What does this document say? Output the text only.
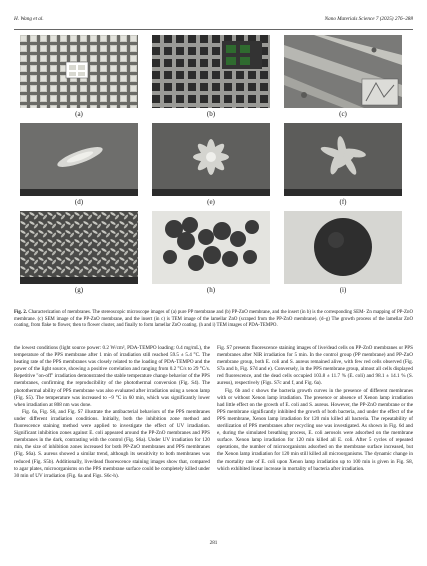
H. Wang et al.	Nano Materials Science 7 (2025) 276–288
(a)	(b)	(c)
(d)	(e)	(f)
(g)	(h)	(i)
Fig. 2. Characterization of membranes. The stereoscopic microscope images of (a) pure PP membrane and (b) PP-ZnO membrane, and the insert (in b) is the corresponding SEM- Zn mapping of PP-ZnO membrane. (c) SEM image of the PP-ZnO membrane, and the insert (in c) is TEM image of the lamellar ZnO (scraped from the PP-ZnO membrane). (d–g) The growth process of the lamellar ZnO coating, from flake to flower, then to flower cluster, and finally to form lamellar ZnO coating. (h and i) TEM images of PDA-TEMPO.

the lowest conditions (light source power: 0.2 W/cm², PDA-TEMPO loading: 0.4 mg/mL), the temperature of the PPS membrane after 1 min of irradiation still reached 59.5 ± 5.4 °C. The heating rate of the PPS membranes was closely related to the loading of PDA-TEMPO and the power of the light source, showing a positive correlation and ranging from 0.2 °C/s to 29 °C/s. Repetitive "on-off" irradiation demonstrated the stable temperature change behavior of the PPS membranes, confirming the reproducibility of the photothermal conversion (Fig. S4). The photothermal ability of PPS membrane was also evaluated after irradiation using a xenon lamp (Fig. S5). The temperature was increased to ~9 °C in 60 min, which was significantly lower when irradiation at 808 nm was done.

Fig. 6a, Fig. S6, and Fig. S7 illustrate the antibacterial behaviors of the PPS membranes under different irradiation conditions. Initially, both the inhibition zone method and fluorescence staining method were applied to investigate the effect of UV irradiation. Significant inhibition zones against E. coli appeared around the PP-ZnO membranes and PPS membranes in the dark, contrasting with the control (Fig. S6a). Under UV irradiation for 120 min, the size of inhibition zones increased for both PP-ZnO membranes and PPS membranes (Fig. S6a). S. aureus showed a similar trend, although its sensitivity to both membranes was reduced (Fig. S5b). Additionally, live/dead fluorescence staining images show that, compared to agar plates, microorganisms on the PPS membrane surface could be completely killed under 30 min of UV irradiation (Fig. 6a and Figs. S6c-h).

Fig. S7 presents fluorescence staining images of live/dead cells on PP-ZnO membranes or PPS membranes after NIR irradiation for 5 min. In the control group (PP membrane) and PP-ZnO membrane group, both E. coli and S. aureus remained alive, with few red cells observed (Fig. S7a and b, Fig. S7d and e). Conversely, in the PPS membrane group, almost all cells displayed red fluorescence, and the dead cells occupied 103.8 ± 11.7 % (E. coli) and 98.1 ± 14.1 % (S. aureus), respectively (Figs. S7c and f, and Fig. 6a).

Fig. 6b and c shows the bacteria growth curves in the presence of different membranes with or without Xenon lamp irradiation. The presence or absence of Xenon lamp irradiation had little effect on the growth of E. coli and S. aureus. However, the PP-ZnO membrane or the PPS membrane significantly inhibited the growth of both bacteria, and under the effect of the PPS membrane, Xenon lamp irradiation for 120 min killed all bacteria. The repeatability of sterilization of PPS membranes after recycling use was investigated. As shown in Fig. 6d and e, during the simulated breathing process, E. coli aerosols were adsorbed on the membrane surface. Xenon lamp irradiation for 120 min killed all E. coli. After 5 cycles of repeated operations, the number of microorganisms adsorbed on the membrane surface increased, but the Xenon lamp irradiation for 120 min still killed all microorganisms. The dynamic change in the mortality rate of E. coli upon Xenon lamp irradiation up to 100 min is given in Fig. S8, which exhibited linear increase in mortality of bacteria after irradiation.

281
